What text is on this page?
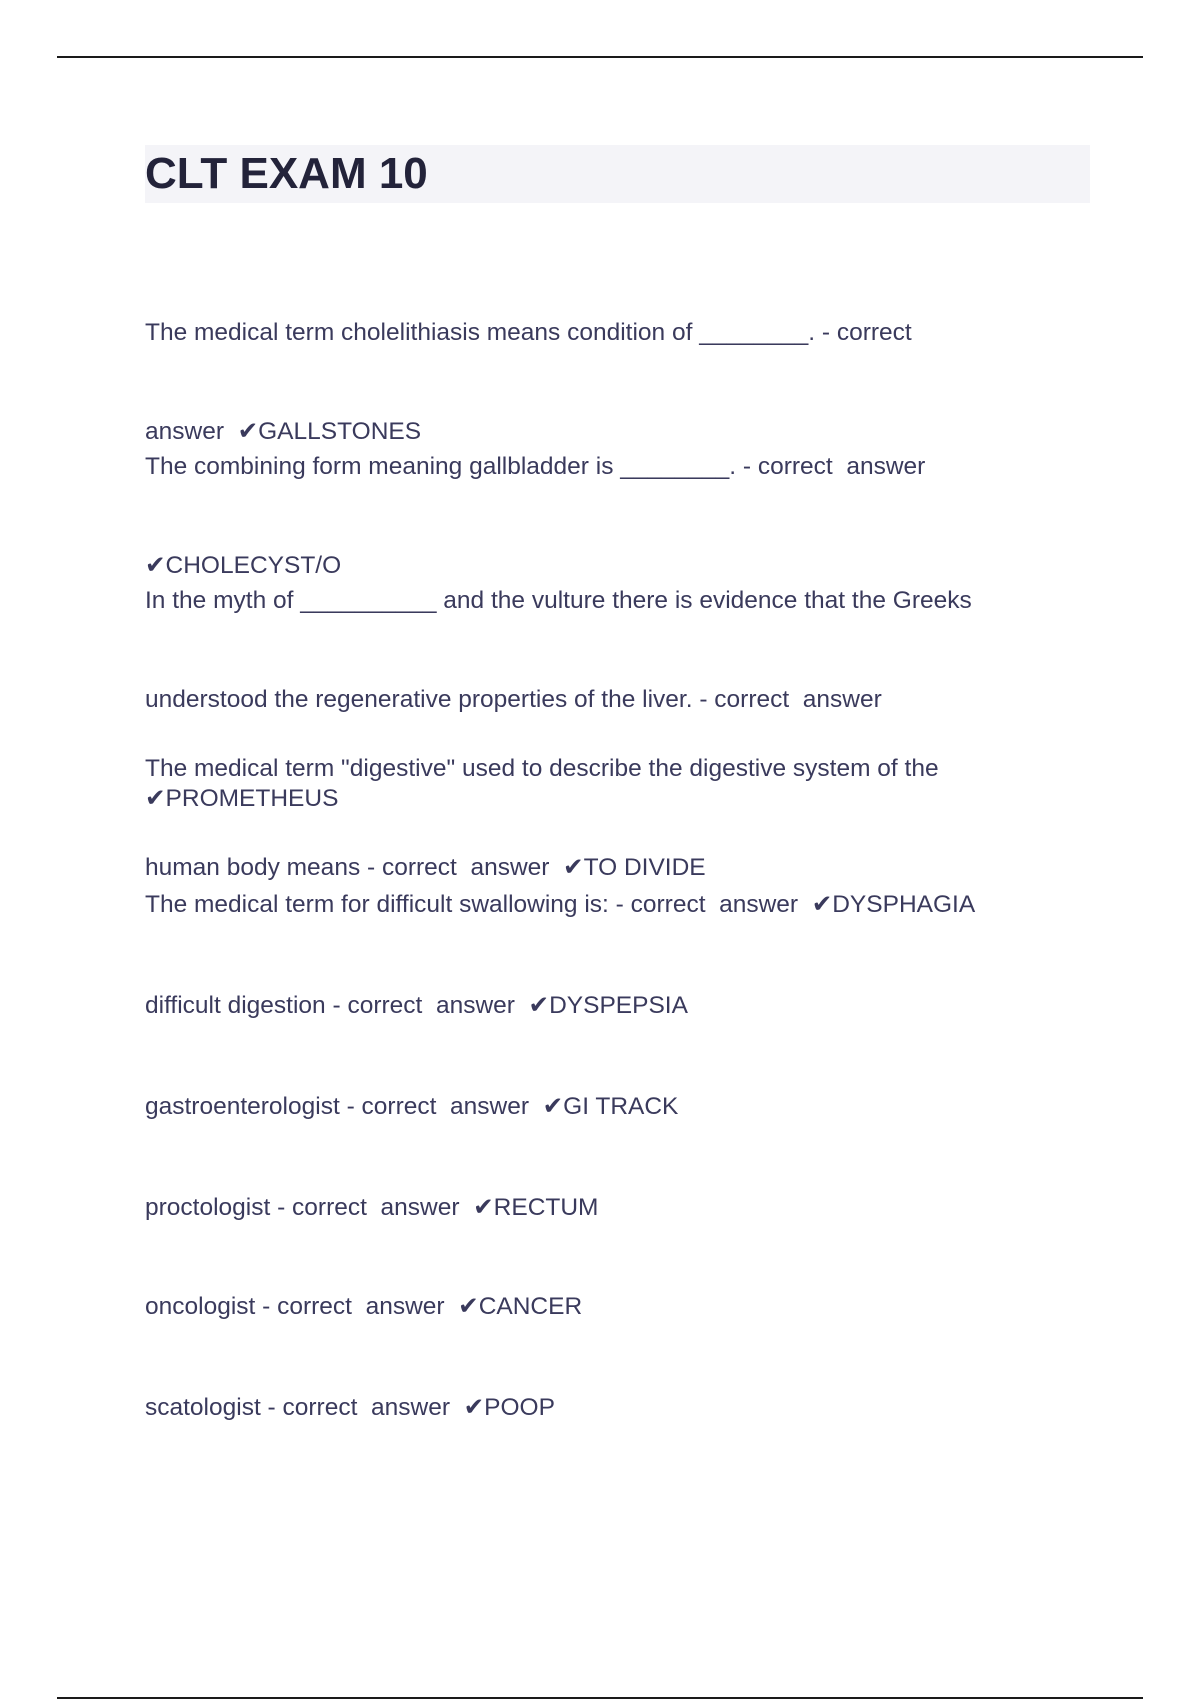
CLT EXAM 10

The medical term cholelithiasis means condition of ________. - correct

answer  ✔GALLSTONES

The combining form meaning gallbladder is ________. - correct  answer

✔CHOLECYST/O

In the myth of __________ and the vulture there is evidence that the Greeks

understood the regenerative properties of the liver. - correct  answer

✔PROMETHEUS

The medical term "digestive" used to describe the digestive system of the

human body means - correct  answer  ✔TO DIVIDE

The medical term for difficult swallowing is: - correct  answer  ✔DYSPHAGIA

difficult digestion - correct  answer  ✔DYSPEPSIA

gastroenterologist - correct  answer  ✔GI TRACK

proctologist - correct  answer  ✔RECTUM

oncologist - correct  answer  ✔CANCER

scatologist - correct  answer  ✔POOP
